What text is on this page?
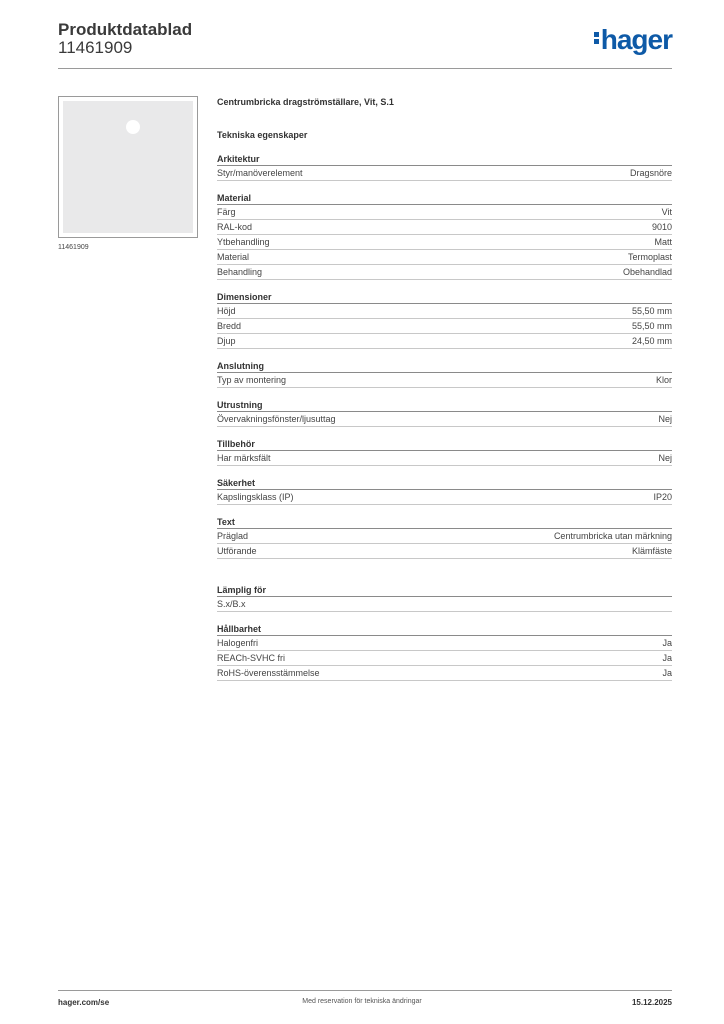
Produktdatablad
11461909	hager
11461909
Centrumbricka dragströmställare, Vit, S.1
Tekniska egenskaper
Arkitektur
Styr/manöverelement	Dragsnöre
Material
Färg	Vit
RAL-kod	9010
Ytbehandling	Matt
Material	Termoplast
Behandling	Obehandlad
Dimensioner
Höjd	55,50 mm
Bredd	55,50 mm
Djup	24,50 mm
Anslutning
Typ av montering	Klor
Utrustning
Övervakningsfönster/ljusuttag	Nej
Tillbehör
Har märksfält	Nej
Säkerhet
Kapslingsklass (IP)	IP20
Text
Präglad	Centrumbricka utan märkning
Utförande	Klämfäste
Lämplig för
S.x/B.x
Hållbarhet
Halogenfri	Ja
REACh-SVHC fri	Ja
RoHS-överensstämmelse	Ja
hager.com/se	Med reservation för tekniska ändringar	15.12.2025
